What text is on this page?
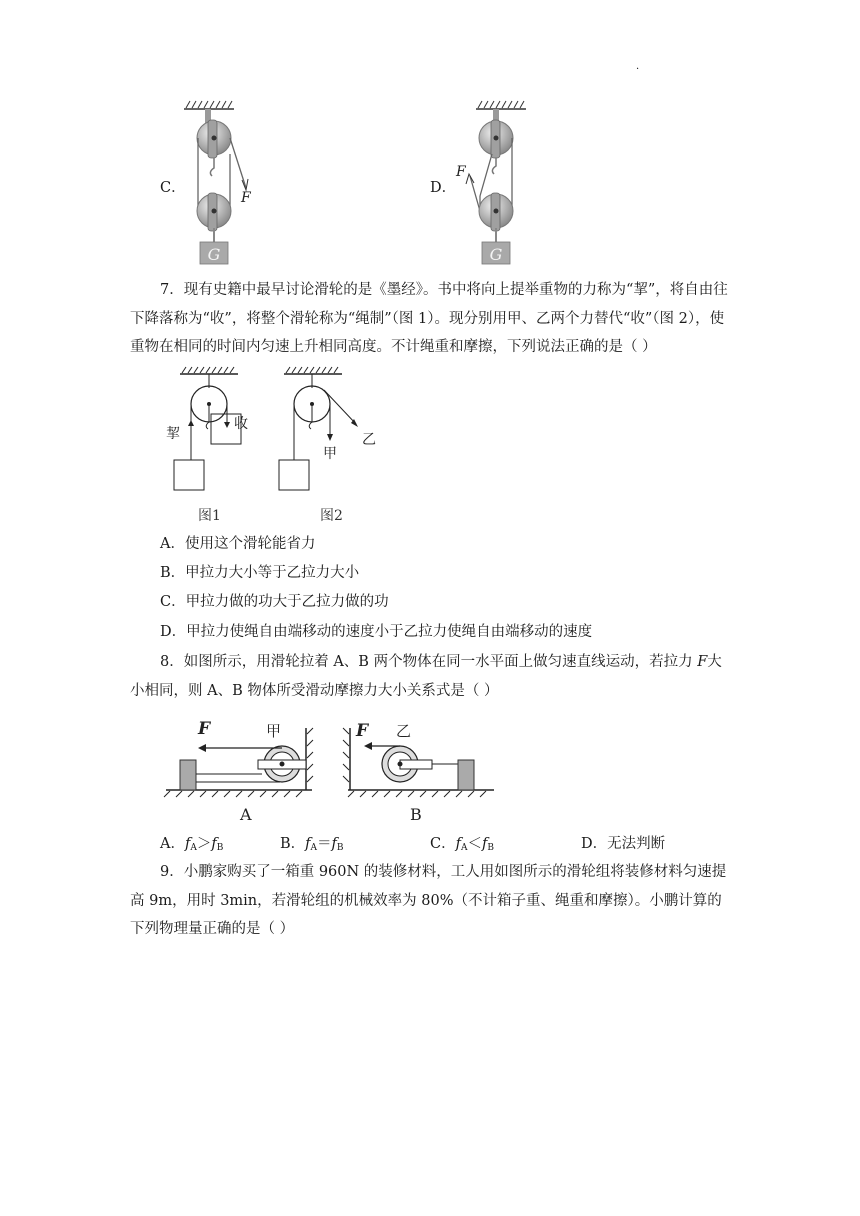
·
C．
G
F
D．
G
F
7．现有史籍中最早讨论滑轮的是《墨经》。书中将向上提举重物的力称为“挈”，将自由往下降落称为“收”，将整个滑轮称为“绳制”（图 1）。现分别用甲、乙两个力替代“收”（图 2），使重物在相同的时间内匀速上升相同高度。不计绳重和摩擦，下列说法正确的是（ ）
挈
收
图1
甲
乙
图2
A．使用这个滑轮能省力
B．甲拉力大小等于乙拉力大小
C．甲拉力做的功大于乙拉力做的功
D．甲拉力使绳自由端移动的速度小于乙拉力使绳自由端移动的速度
8．如图所示，用滑轮拉着 A、B 两个物体在同一水平面上做匀速直线运动，若拉力 F大小相同，则 A、B 物体所受滑动摩擦力大小关系式是（ ）
F	甲
A
F 乙
B
A．$f_A>f_B$	B．$f_A=f_B$	C．$f_A<f_B$	D．无法判断
9．小鹏家购买了一箱重 960N 的装修材料，工人用如图所示的滑轮组将装修材料匀速提高 9m，用时 3min，若滑轮组的机械效率为 80%（不计箱子重、绳重和摩擦）。小鹏计算的下列物理量正确的是（ ）
